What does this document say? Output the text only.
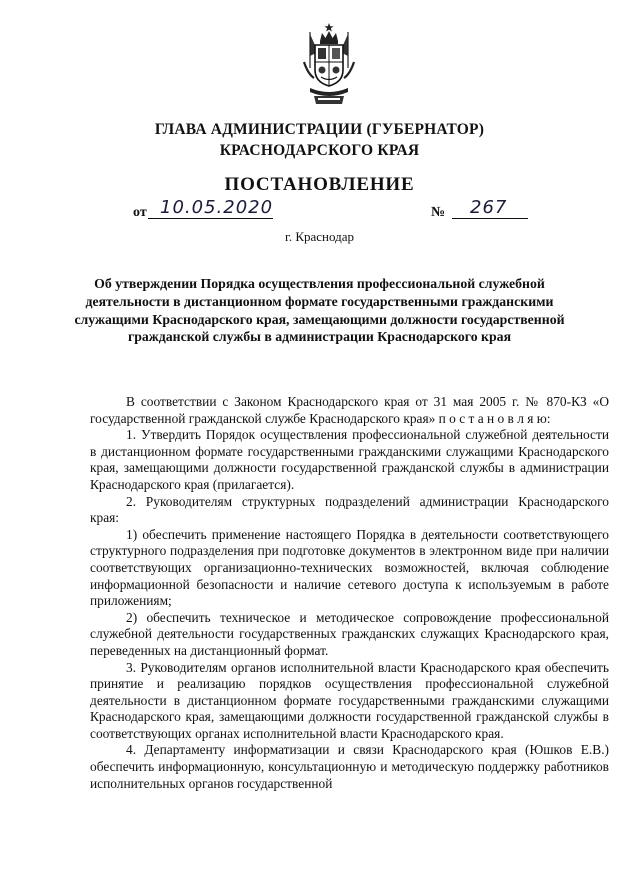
ГЛАВА АДМИНИСТРАЦИИ (ГУБЕРНАТОР)
КРАСНОДАРСКОГО КРАЯ
ПОСТАНОВЛЕНИЕ
от 10.05.2020	№ 267
г. Краснодар
Об утверждении Порядка осуществления профессиональной служебной деятельности в дистанционном формате государственными гражданскими служащими Краснодарского края, замещающими должности государственной гражданской службы в администрации Краснодарского края

В соответствии с Законом Краснодарского края от 31 мая 2005 г. № 870-КЗ «О государственной гражданской службе Краснодарского края» п о с т а н о в л я ю:

1. Утвердить Порядок осуществления профессиональной служебной деятельности в дистанционном формате государственными гражданскими служащими Краснодарского края, замещающими должности государственной гражданской службы в администрации Краснодарского края (прилагается).

2. Руководителям структурных подразделений администрации Краснодарского края:

1) обеспечить применение настоящего Порядка в деятельности соответствующего структурного подразделения при подготовке документов в электронном виде при наличии соответствующих организационно-технических возможностей, включая соблюдение информационной безопасности и наличие сетевого доступа к используемым в работе приложениям;

2) обеспечить техническое и методическое сопровождение профессиональной служебной деятельности государственных гражданских служащих Краснодарского края, переведенных на дистанционный формат.

3. Руководителям органов исполнительной власти Краснодарского края обеспечить принятие и реализацию порядков осуществления профессиональной служебной деятельности в дистанционном формате государственными гражданскими служащими Краснодарского края, замещающими должности государственной гражданской службы в соответствующих органах исполнительной власти Краснодарского края.

4. Департаменту информатизации и связи Краснодарского края (Юшков Е.В.) обеспечить информационную, консультационную и методическую поддержку работников исполнительных органов государственной
